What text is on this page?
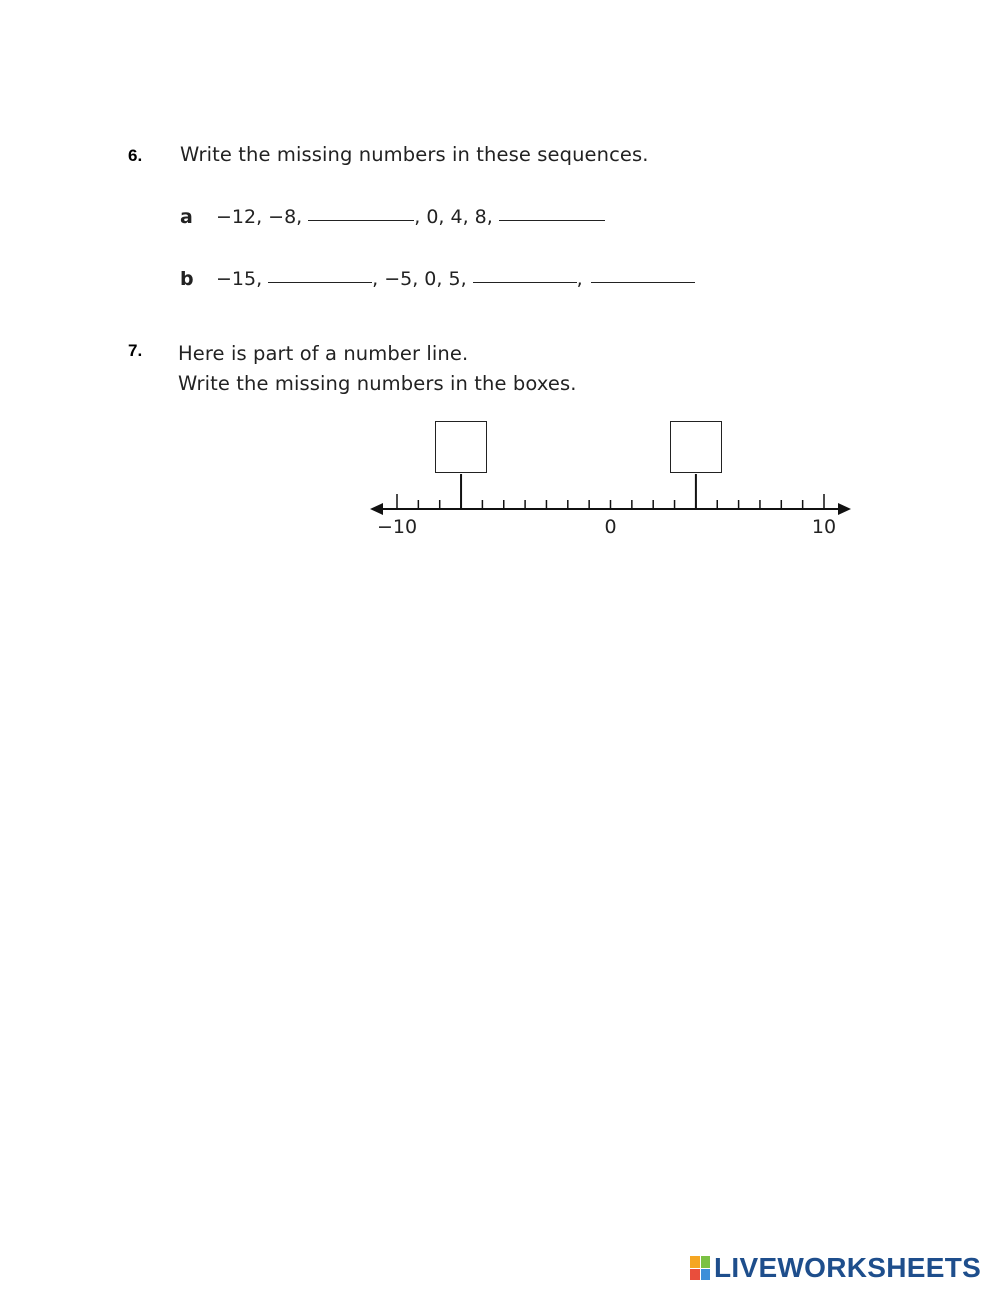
6. Write the missing numbers in these sequences.
a	−12, −8,	, 0, 4, 8,
b	−15,	, −5, 0, 5,	,
7. Here is part of a number line.
Write the missing numbers in the boxes.
−10	0	10
LIVEWORKSHEETS
